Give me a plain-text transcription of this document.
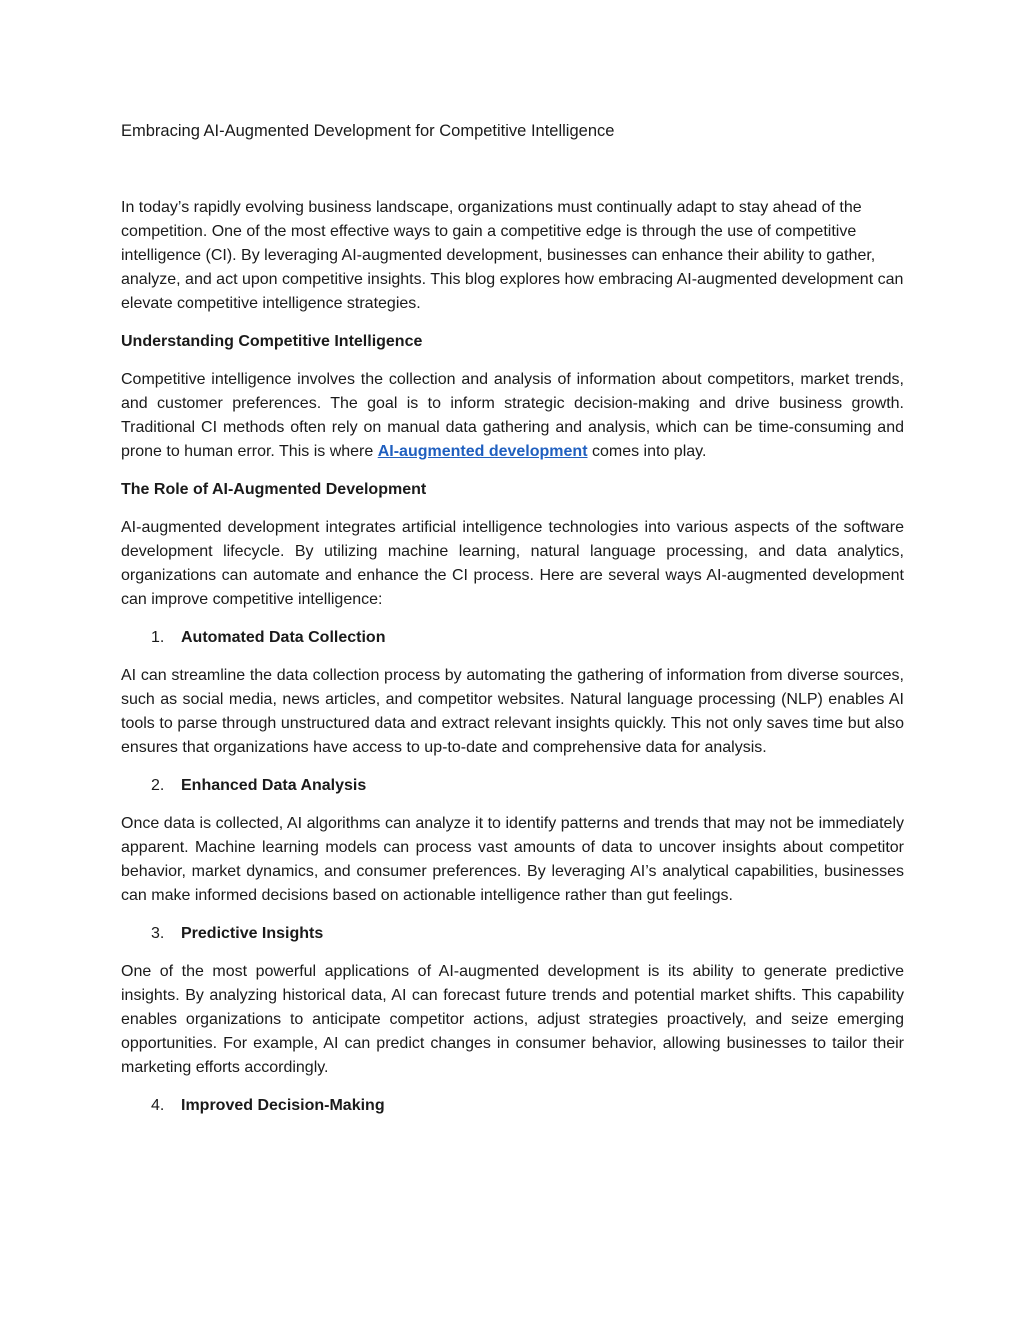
Embracing AI-Augmented Development for Competitive Intelligence

In today’s rapidly evolving business landscape, organizations must continually adapt to stay ahead of the competition. One of the most effective ways to gain a competitive edge is through the use of competitive intelligence (CI). By leveraging AI-augmented development, businesses can enhance their ability to gather, analyze, and act upon competitive insights. This blog explores how embracing AI-augmented development can elevate competitive intelligence strategies.

Understanding Competitive Intelligence

Competitive intelligence involves the collection and analysis of information about competitors, market trends, and customer preferences. The goal is to inform strategic decision-making and drive business growth. Traditional CI methods often rely on manual data gathering and analysis, which can be time-consuming and prone to human error. This is where AI-augmented development comes into play.

The Role of AI-Augmented Development

AI-augmented development integrates artificial intelligence technologies into various aspects of the software development lifecycle. By utilizing machine learning, natural language processing, and data analytics, organizations can automate and enhance the CI process. Here are several ways AI-augmented development can improve competitive intelligence:

1.	Automated Data Collection

AI can streamline the data collection process by automating the gathering of information from diverse sources, such as social media, news articles, and competitor websites. Natural language processing (NLP) enables AI tools to parse through unstructured data and extract relevant insights quickly. This not only saves time but also ensures that organizations have access to up-to-date and comprehensive data for analysis.

2.	Enhanced Data Analysis

Once data is collected, AI algorithms can analyze it to identify patterns and trends that may not be immediately apparent. Machine learning models can process vast amounts of data to uncover insights about competitor behavior, market dynamics, and consumer preferences. By leveraging AI’s analytical capabilities, businesses can make informed decisions based on actionable intelligence rather than gut feelings.

3.	Predictive Insights

One of the most powerful applications of AI-augmented development is its ability to generate predictive insights. By analyzing historical data, AI can forecast future trends and potential market shifts. This capability enables organizations to anticipate competitor actions, adjust strategies proactively, and seize emerging opportunities. For example, AI can predict changes in consumer behavior, allowing businesses to tailor their marketing efforts accordingly.

4.	Improved Decision-Making
